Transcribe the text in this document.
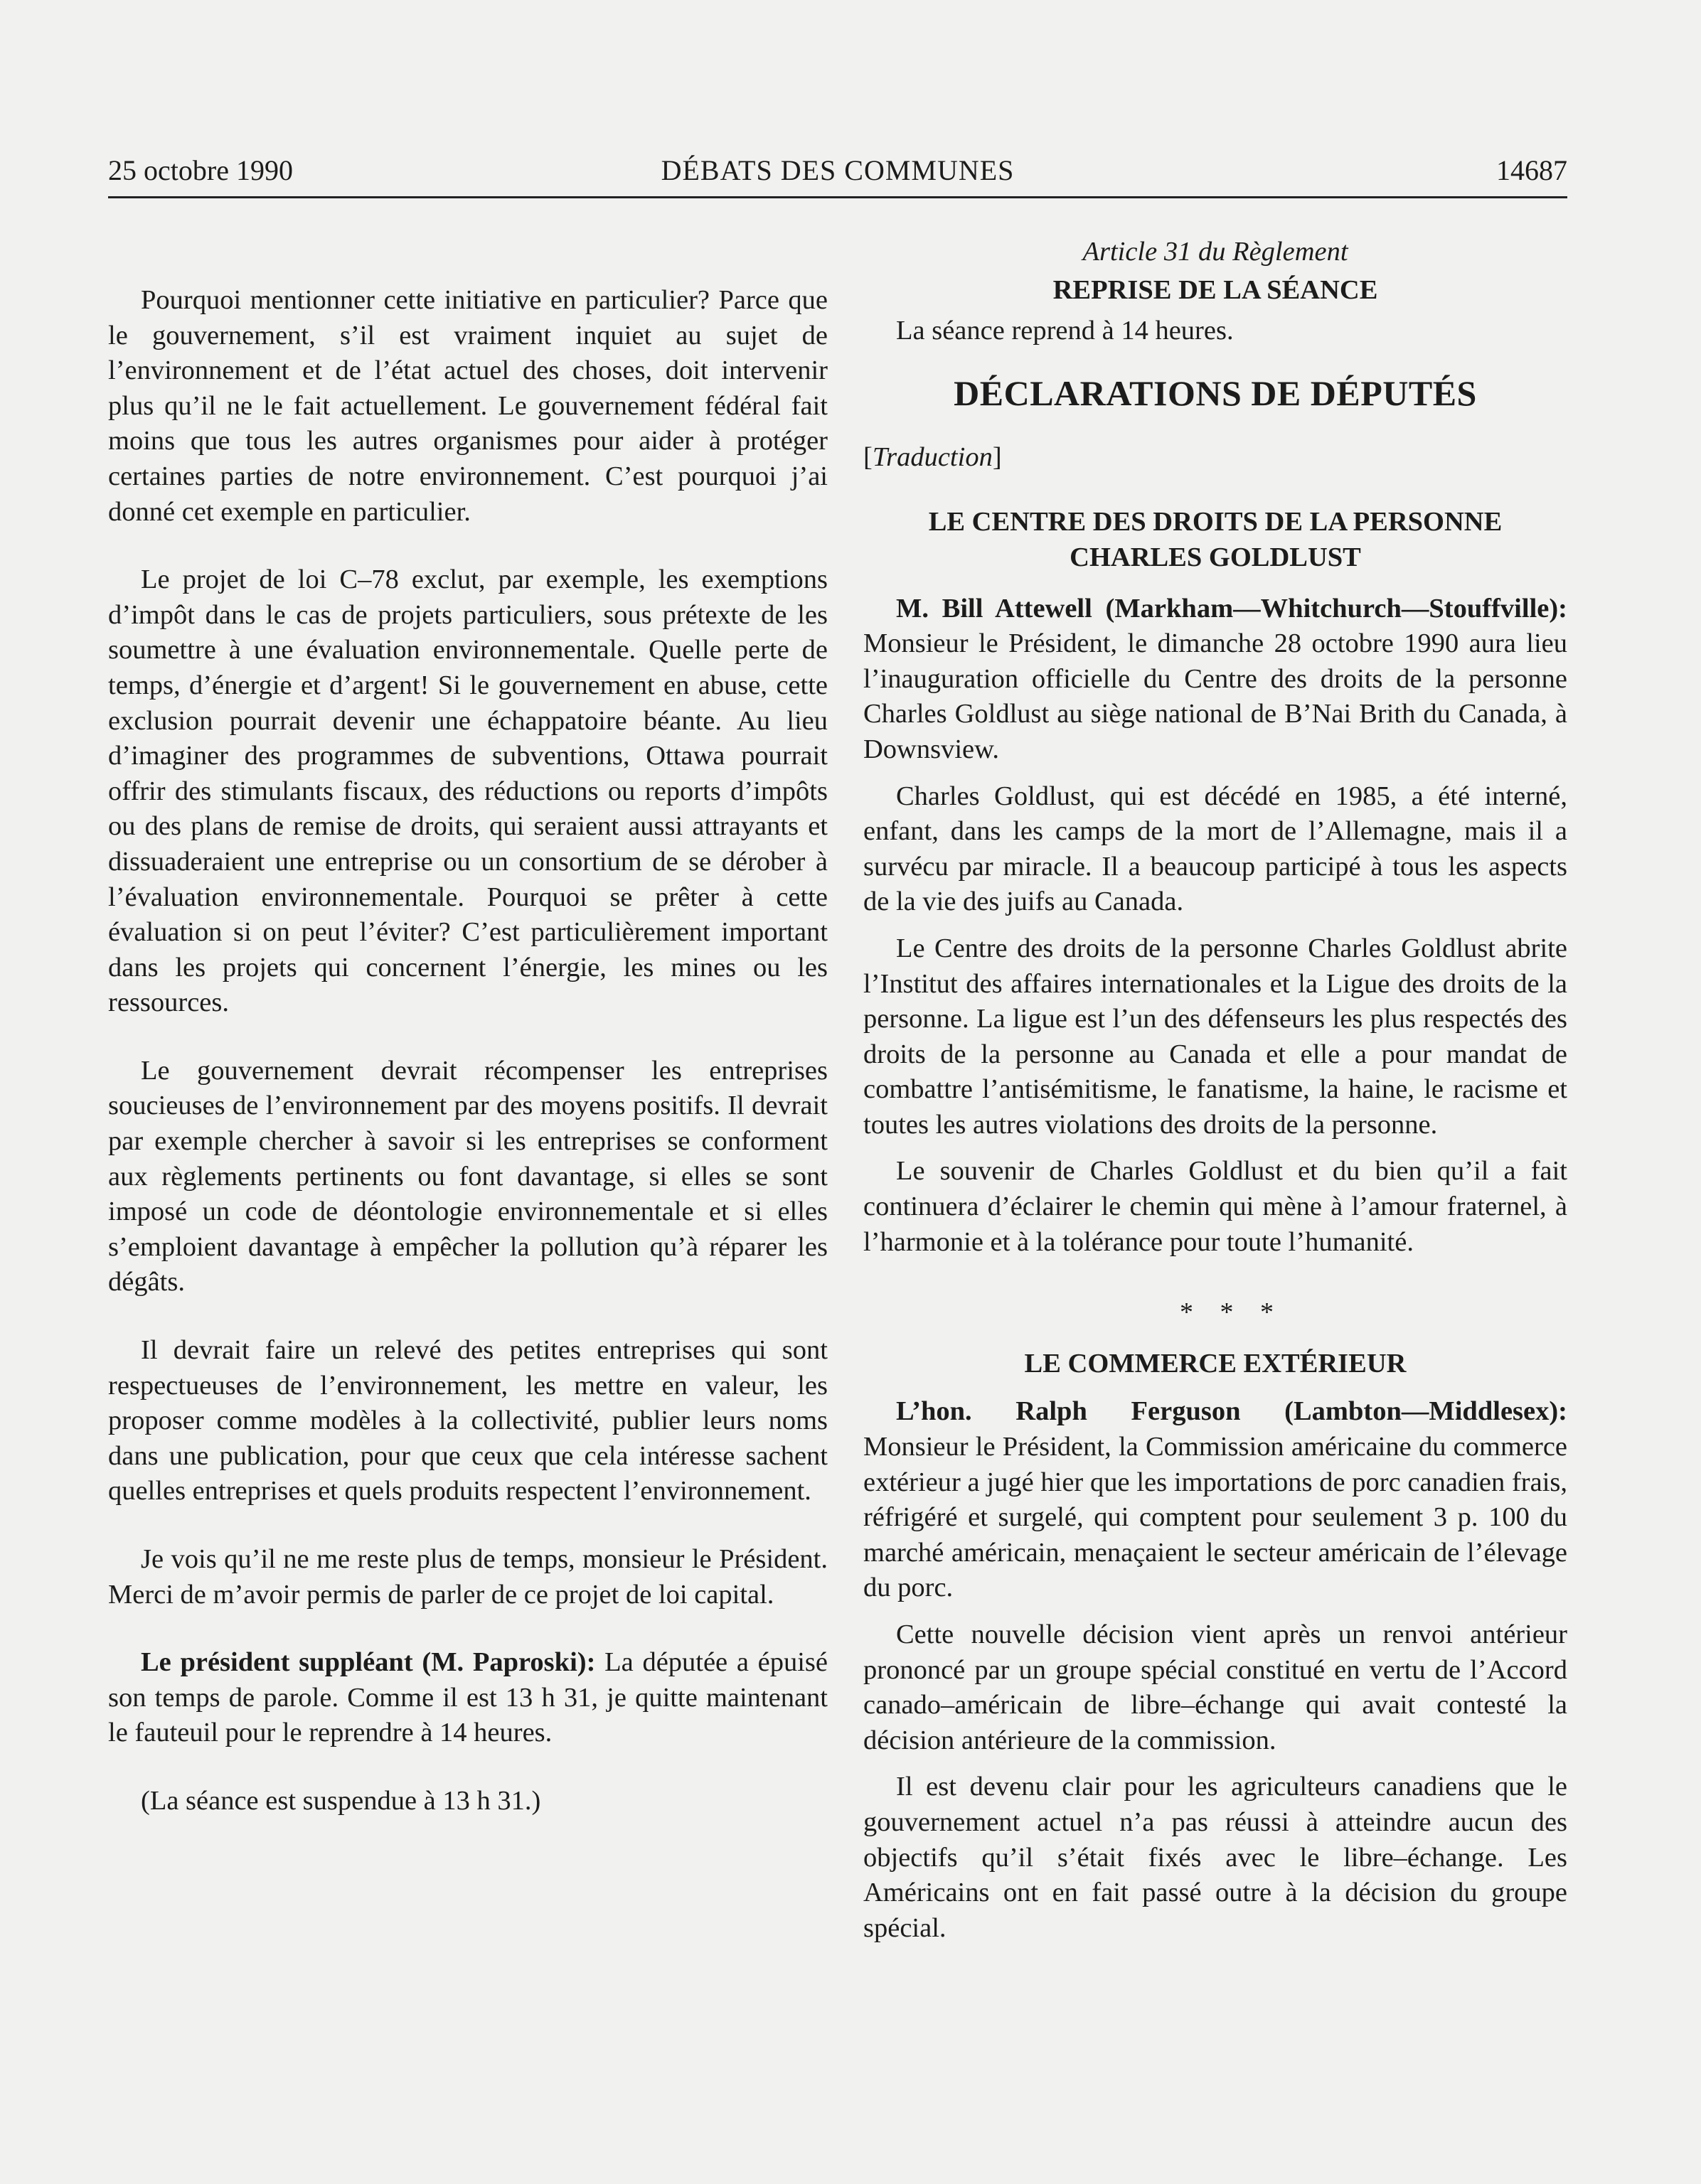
25 octobre 1990	DÉBATS DES COMMUNES	14687

Pourquoi mentionner cette initiative en particulier? Parce que le gouvernement, s’il est vraiment inquiet au sujet de l’environnement et de l’état actuel des choses, doit intervenir plus qu’il ne le fait actuellement. Le gouvernement fédéral fait moins que tous les autres organismes pour aider à protéger certaines parties de notre environnement. C’est pourquoi j’ai donné cet exemple en particulier.

Le projet de loi C–78 exclut, par exemple, les exemptions d’impôt dans le cas de projets particuliers, sous prétexte de les soumettre à une évaluation environnementale. Quelle perte de temps, d’énergie et d’argent! Si le gouvernement en abuse, cette exclusion pourrait devenir une échappatoire béante. Au lieu d’imaginer des programmes de subventions, Ottawa pourrait offrir des stimulants fiscaux, des réductions ou reports d’impôts ou des plans de remise de droits, qui seraient aussi attrayants et dissuaderaient une entreprise ou un consortium de se dérober à l’évaluation environnementale. Pourquoi se prêter à cette évaluation si on peut l’éviter? C’est particulièrement important dans les projets qui concernent l’énergie, les mines ou les ressources.

Le gouvernement devrait récompenser les entreprises soucieuses de l’environnement par des moyens positifs. Il devrait par exemple chercher à savoir si les entreprises se conforment aux règlements pertinents ou font davantage, si elles se sont imposé un code de déontologie environnementale et si elles s’emploient davantage à empêcher la pollution qu’à réparer les dégâts.

Il devrait faire un relevé des petites entreprises qui sont respectueuses de l’environnement, les mettre en valeur, les proposer comme modèles à la collectivité, publier leurs noms dans une publication, pour que ceux que cela intéresse sachent quelles entreprises et quels produits respectent l’environnement.

Je vois qu’il ne me reste plus de temps, monsieur le Président. Merci de m’avoir permis de parler de ce projet de loi capital.

Le président suppléant (M. Paproski): La députée a épuisé son temps de parole. Comme il est 13 h 31, je quitte maintenant le fauteuil pour le reprendre à 14 heures.

(La séance est suspendue à 13 h 31.)

Article 31 du Règlement

REPRISE DE LA SÉANCE

La séance reprend à 14 heures.

DÉCLARATIONS DE DÉPUTÉS

[Traduction]

LE CENTRE DES DROITS DE LA PERSONNE
CHARLES GOLDLUST

M. Bill Attewell (Markham—Whitchurch—Stouffville): Monsieur le Président, le dimanche 28 octobre 1990 aura lieu l’inauguration officielle du Centre des droits de la personne Charles Goldlust au siège national de B’Nai Brith du Canada, à Downsview.

Charles Goldlust, qui est décédé en 1985, a été interné, enfant, dans les camps de la mort de l’Allemagne, mais il a survécu par miracle. Il a beaucoup participé à tous les aspects de la vie des juifs au Canada.

Le Centre des droits de la personne Charles Goldlust abrite l’Institut des affaires internationales et la Ligue des droits de la personne. La ligue est l’un des défenseurs les plus respectés des droits de la personne au Canada et elle a pour mandat de combattre l’antisémitisme, le fanatisme, la haine, le racisme et toutes les autres violations des droits de la personne.

Le souvenir de Charles Goldlust et du bien qu’il a fait continuera d’éclairer le chemin qui mène à l’amour fraternel, à l’harmonie et à la tolérance pour toute l’humanité.

* * *

LE COMMERCE EXTÉRIEUR

L’hon. Ralph Ferguson (Lambton—Middlesex): Monsieur le Président, la Commission américaine du commerce extérieur a jugé hier que les importations de porc canadien frais, réfrigéré et surgelé, qui comptent pour seulement 3 p. 100 du marché américain, menaçaient le secteur américain de l’élevage du porc.

Cette nouvelle décision vient après un renvoi antérieur prononcé par un groupe spécial constitué en vertu de l’Accord canado–américain de libre–échange qui avait contesté la décision antérieure de la commission.

Il est devenu clair pour les agriculteurs canadiens que le gouvernement actuel n’a pas réussi à atteindre aucun des objectifs qu’il s’était fixés avec le libre–échange. Les Américains ont en fait passé outre à la décision du groupe spécial.
